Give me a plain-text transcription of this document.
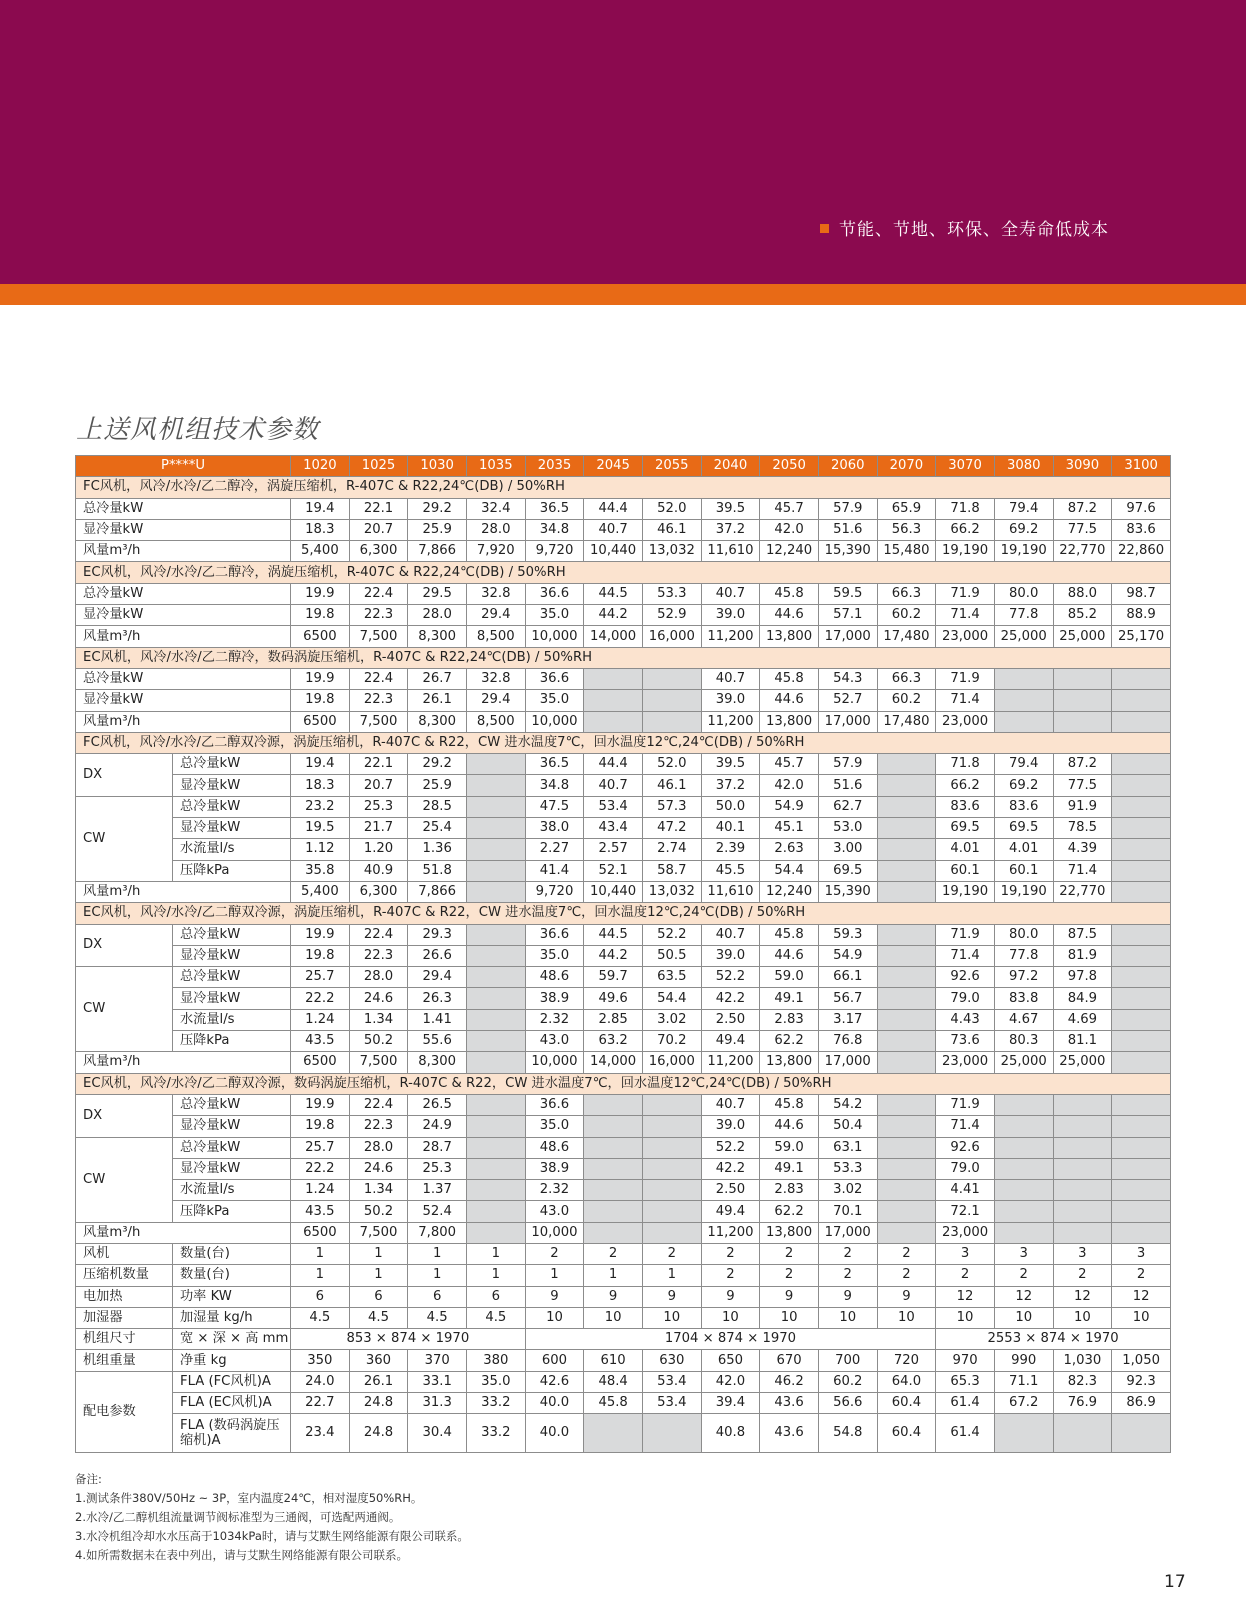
节能、节地、环保、全寿命低成本
上送风机组技术参数
P****U		1020	1025	1030	1035	2035	2045	2055	2040	2050	2060	2070	3070	3080	3090	3100
FC风机，风冷/水冷/乙二醇冷，涡旋压缩机，R-407C & R22,24℃(DB) / 50%RH																
总冷量kW		19.4	22.1	29.2	32.4	36.5	44.4	52.0	39.5	45.7	57.9	65.9	71.8	79.4	87.2	97.6
显冷量kW		18.3	20.7	25.9	28.0	34.8	40.7	46.1	37.2	42.0	51.6	56.3	66.2	69.2	77.5	83.6
风量m³/h		5,400	6,300	7,866	7,920	9,720	10,440	13,032	11,610	12,240	15,390	15,480	19,190	19,190	22,770	22,860
EC风机，风冷/水冷/乙二醇冷，涡旋压缩机，R-407C & R22,24℃(DB) / 50%RH																
总冷量kW		19.9	22.4	29.5	32.8	36.6	44.5	53.3	40.7	45.8	59.5	66.3	71.9	80.0	88.0	98.7
显冷量kW		19.8	22.3	28.0	29.4	35.0	44.2	52.9	39.0	44.6	57.1	60.2	71.4	77.8	85.2	88.9
风量m³/h		6500	7,500	8,300	8,500	10,000	14,000	16,000	11,200	13,800	17,000	17,480	23,000	25,000	25,000	25,170
EC风机，风冷/水冷/乙二醇冷，数码涡旋压缩机，R-407C & R22,24℃(DB) / 50%RH																
总冷量kW		19.9	22.4	26.7	32.8	36.6			40.7	45.8	54.3	66.3	71.9			
显冷量kW		19.8	22.3	26.1	29.4	35.0			39.0	44.6	52.7	60.2	71.4			
风量m³/h		6500	7,500	8,300	8,500	10,000			11,200	13,800	17,000	17,480	23,000			
FC风机，风冷/水冷/乙二醇双冷源，涡旋压缩机，R-407C & R22，CW 进水温度7℃，回水温度12℃,24℃(DB) / 50%RH																
DX	总冷量kW	19.4	22.1	29.2		36.5	44.4	52.0	39.5	45.7	57.9		71.8	79.4	87.2	
	显冷量kW	18.3	20.7	25.9		34.8	40.7	46.1	37.2	42.0	51.6		66.2	69.2	77.5	
CW	总冷量kW	23.2	25.3	28.5		47.5	53.4	57.3	50.0	54.9	62.7		83.6	83.6	91.9	
	显冷量kW	19.5	21.7	25.4		38.0	43.4	47.2	40.1	45.1	53.0		69.5	69.5	78.5	
	水流量l/s	1.12	1.20	1.36		2.27	2.57	2.74	2.39	2.63	3.00		4.01	4.01	4.39	
	压降kPa	35.8	40.9	51.8		41.4	52.1	58.7	45.5	54.4	69.5		60.1	60.1	71.4	
风量m³/h		5,400	6,300	7,866		9,720	10,440	13,032	11,610	12,240	15,390		19,190	19,190	22,770	
EC风机，风冷/水冷/乙二醇双冷源，涡旋压缩机，R-407C & R22，CW 进水温度7℃，回水温度12℃,24℃(DB) / 50%RH																
DX	总冷量kW	19.9	22.4	29.3		36.6	44.5	52.2	40.7	45.8	59.3		71.9	80.0	87.5	
	显冷量kW	19.8	22.3	26.6		35.0	44.2	50.5	39.0	44.6	54.9		71.4	77.8	81.9	
CW	总冷量kW	25.7	28.0	29.4		48.6	59.7	63.5	52.2	59.0	66.1		92.6	97.2	97.8	
	显冷量kW	22.2	24.6	26.3		38.9	49.6	54.4	42.2	49.1	56.7		79.0	83.8	84.9	
	水流量l/s	1.24	1.34	1.41		2.32	2.85	3.02	2.50	2.83	3.17		4.43	4.67	4.69	
	压降kPa	43.5	50.2	55.6		43.0	63.2	70.2	49.4	62.2	76.8		73.6	80.3	81.1	
风量m³/h		6500	7,500	8,300		10,000	14,000	16,000	11,200	13,800	17,000		23,000	25,000	25,000	
EC风机，风冷/水冷/乙二醇双冷源，数码涡旋压缩机，R-407C & R22，CW 进水温度7℃，回水温度12℃,24℃(DB) / 50%RH																
DX	总冷量kW	19.9	22.4	26.5		36.6			40.7	45.8	54.2		71.9			
	显冷量kW	19.8	22.3	24.9		35.0			39.0	44.6	50.4		71.4			
CW	总冷量kW	25.7	28.0	28.7		48.6			52.2	59.0	63.1		92.6			
	显冷量kW	22.2	24.6	25.3		38.9			42.2	49.1	53.3		79.0			
	水流量l/s	1.24	1.34	1.37		2.32			2.50	2.83	3.02		4.41			
	压降kPa	43.5	50.2	52.4		43.0			49.4	62.2	70.1		72.1			
风量m³/h		6500	7,500	7,800		10,000			11,200	13,800	17,000		23,000			
风机	数量(台)	1	1	1	1	2	2	2	2	2	2	2	3	3	3	3
压缩机数量	数量(台)	1	1	1	1	1	1	1	2	2	2	2	2	2	2	2
电加热	功率 KW	6	6	6	6	9	9	9	9	9	9	9	12	12	12	12
加湿器	加湿量 kg/h	4.5	4.5	4.5	4.5	10	10	10	10	10	10	10	10	10	10	10
机组尺寸	宽 × 深 × 高 mm	853 × 874 × 1970				1704 × 874 × 1970							2553 × 874 × 1970			
机组重量	净重 kg	350	360	370	380	600	610	630	650	670	700	720	970	990	1,030	1,050
配电参数	FLA (FC风机)A	24.0	26.1	33.1	35.0	42.6	48.4	53.4	42.0	46.2	60.2	64.0	65.3	71.1	82.3	92.3
	FLA (EC风机)A	22.7	24.8	31.3	33.2	40.0	45.8	53.4	39.4	43.6	56.6	60.4	61.4	67.2	76.9	86.9
	FLA (数码涡旋压缩机)A	23.4	24.8	30.4	33.2	40.0			40.8	43.6	54.8	60.4	61.4			
备注:
1.测试条件380V/50Hz ~ 3P，室内温度24℃，相对湿度50%RH。
2.水冷/乙二醇机组流量调节阀标准型为三通阀，可选配两通阀。
3.水冷机组冷却水水压高于1034kPa时，请与艾默生网络能源有限公司联系。
4.如所需数据未在表中列出，请与艾默生网络能源有限公司联系。
17
